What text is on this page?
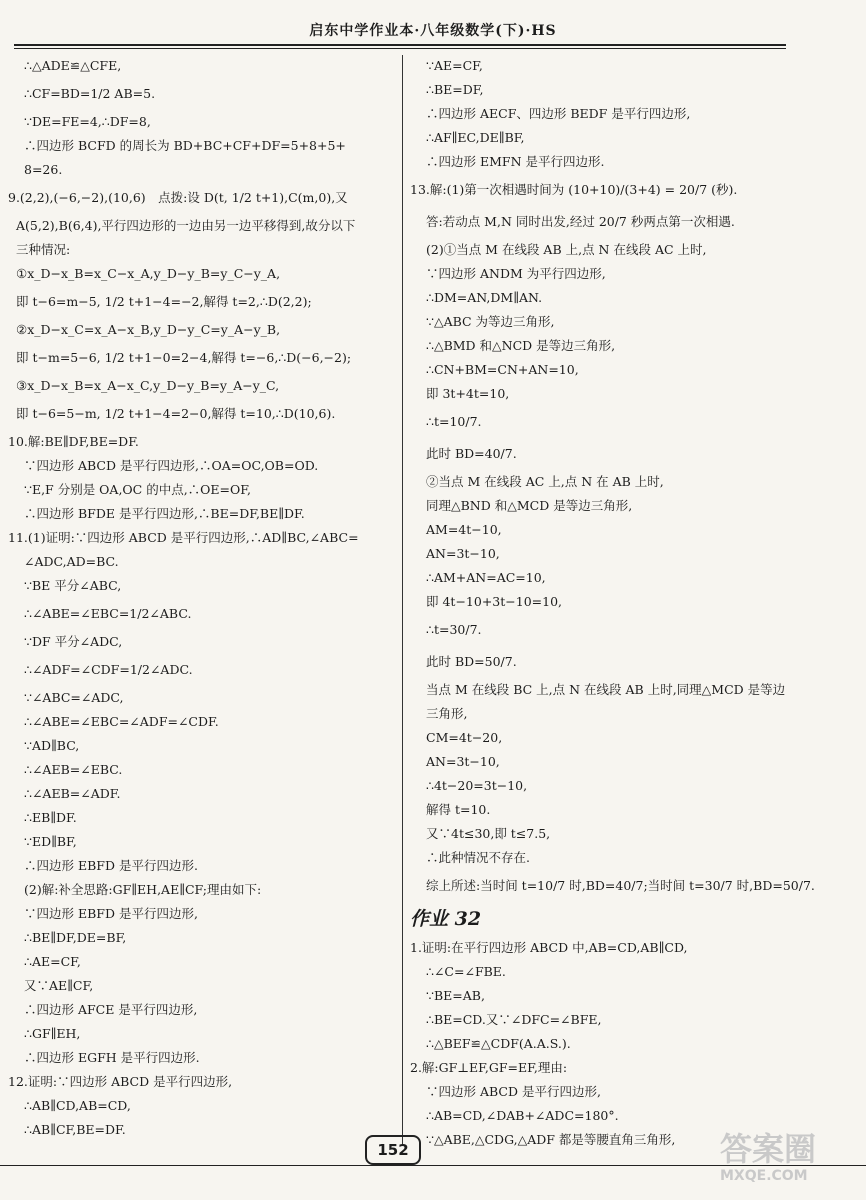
启东中学作业本·八年级数学(下)·HS
∴△ADE≌△CFE,
∴CF=BD=1/2 AB=5.
∵DE=FE=4,∴DF=8,
∴四边形 BCFD 的周长为 BD+BC+CF+DF=5+8+5+
8=26.
9.(2,2),(−6,−2),(10,6)　点拨:设 D(t, 1/2 t+1),C(m,0),又
A(5,2),B(6,4),平行四边形的一边由另一边平移得到,故分以下
三种情况:
①x_D−x_B=x_C−x_A,y_D−y_B=y_C−y_A,
即 t−6=m−5, 1/2 t+1−4=−2,解得 t=2,∴D(2,2);
②x_D−x_C=x_A−x_B,y_D−y_C=y_A−y_B,
即 t−m=5−6, 1/2 t+1−0=2−4,解得 t=−6,∴D(−6,−2);
③x_D−x_B=x_A−x_C,y_D−y_B=y_A−y_C,
即 t−6=5−m, 1/2 t+1−4=2−0,解得 t=10,∴D(10,6).
10.解:BE∥DF,BE=DF.
∵四边形 ABCD 是平行四边形,∴OA=OC,OB=OD.
∵E,F 分别是 OA,OC 的中点,∴OE=OF,
∴四边形 BFDE 是平行四边形,∴BE=DF,BE∥DF.
11.(1)证明:∵四边形 ABCD 是平行四边形,∴AD∥BC,∠ABC=
∠ADC,AD=BC.
∵BE 平分∠ABC,
∴∠ABE=∠EBC=1/2∠ABC.
∵DF 平分∠ADC,
∴∠ADF=∠CDF=1/2∠ADC.
∵∠ABC=∠ADC,
∴∠ABE=∠EBC=∠ADF=∠CDF.
∵AD∥BC,
∴∠AEB=∠EBC.
∴∠AEB=∠ADF.
∴EB∥DF.
∵ED∥BF,
∴四边形 EBFD 是平行四边形.
(2)解:补全思路:GF∥EH,AE∥CF;理由如下:
∵四边形 EBFD 是平行四边形,
∴BE∥DF,DE=BF,
∴AE=CF,
又∵AE∥CF,
∴四边形 AFCE 是平行四边形,
∴GF∥EH,
∴四边形 EGFH 是平行四边形.
12.证明:∵四边形 ABCD 是平行四边形,
∴AB∥CD,AB=CD,
∴AB∥CF,BE=DF.
∵AE=CF,
∴BE=DF,
∴四边形 AECF、四边形 BEDF 是平行四边形,
∴AF∥EC,DE∥BF,
∴四边形 EMFN 是平行四边形.
13.解:(1)第一次相遇时间为 (10+10)/(3+4) = 20/7 (秒).
答:若动点 M,N 同时出发,经过 20/7 秒两点第一次相遇.
(2)①当点 M 在线段 AB 上,点 N 在线段 AC 上时,
∵四边形 ANDM 为平行四边形,
∴DM=AN,DM∥AN.
∵△ABC 为等边三角形,
∴△BMD 和△NCD 是等边三角形,
∴CN+BM=CN+AN=10,
即 3t+4t=10,
∴t=10/7.
此时 BD=40/7.
②当点 M 在线段 AC 上,点 N 在 AB 上时,
同理△BND 和△MCD 是等边三角形,
AM=4t−10,
AN=3t−10,
∴AM+AN=AC=10,
即 4t−10+3t−10=10,
∴t=30/7.
此时 BD=50/7.
当点 M 在线段 BC 上,点 N 在线段 AB 上时,同理△MCD 是等边
三角形,
CM=4t−20,
AN=3t−10,
∴4t−20=3t−10,
解得 t=10.
又∵4t≤30,即 t≤7.5,
∴此种情况不存在.
综上所述:当时间 t=10/7 时,BD=40/7;当时间 t=30/7 时,BD=50/7.
作业 32
1.证明:在平行四边形 ABCD 中,AB=CD,AB∥CD,
∴∠C=∠FBE.
∵BE=AB,
∴BE=CD.又∵∠DFC=∠BFE,
∴△BEF≌△CDF(A.A.S.).
2.解:GF⊥EF,GF=EF,理由:
∵四边形 ABCD 是平行四边形,
∴AB=CD,∠DAB+∠ADC=180°.
∵△ABE,△CDG,△ADF 都是等腰直角三角形,
152	答案圈
MXQE.COM
